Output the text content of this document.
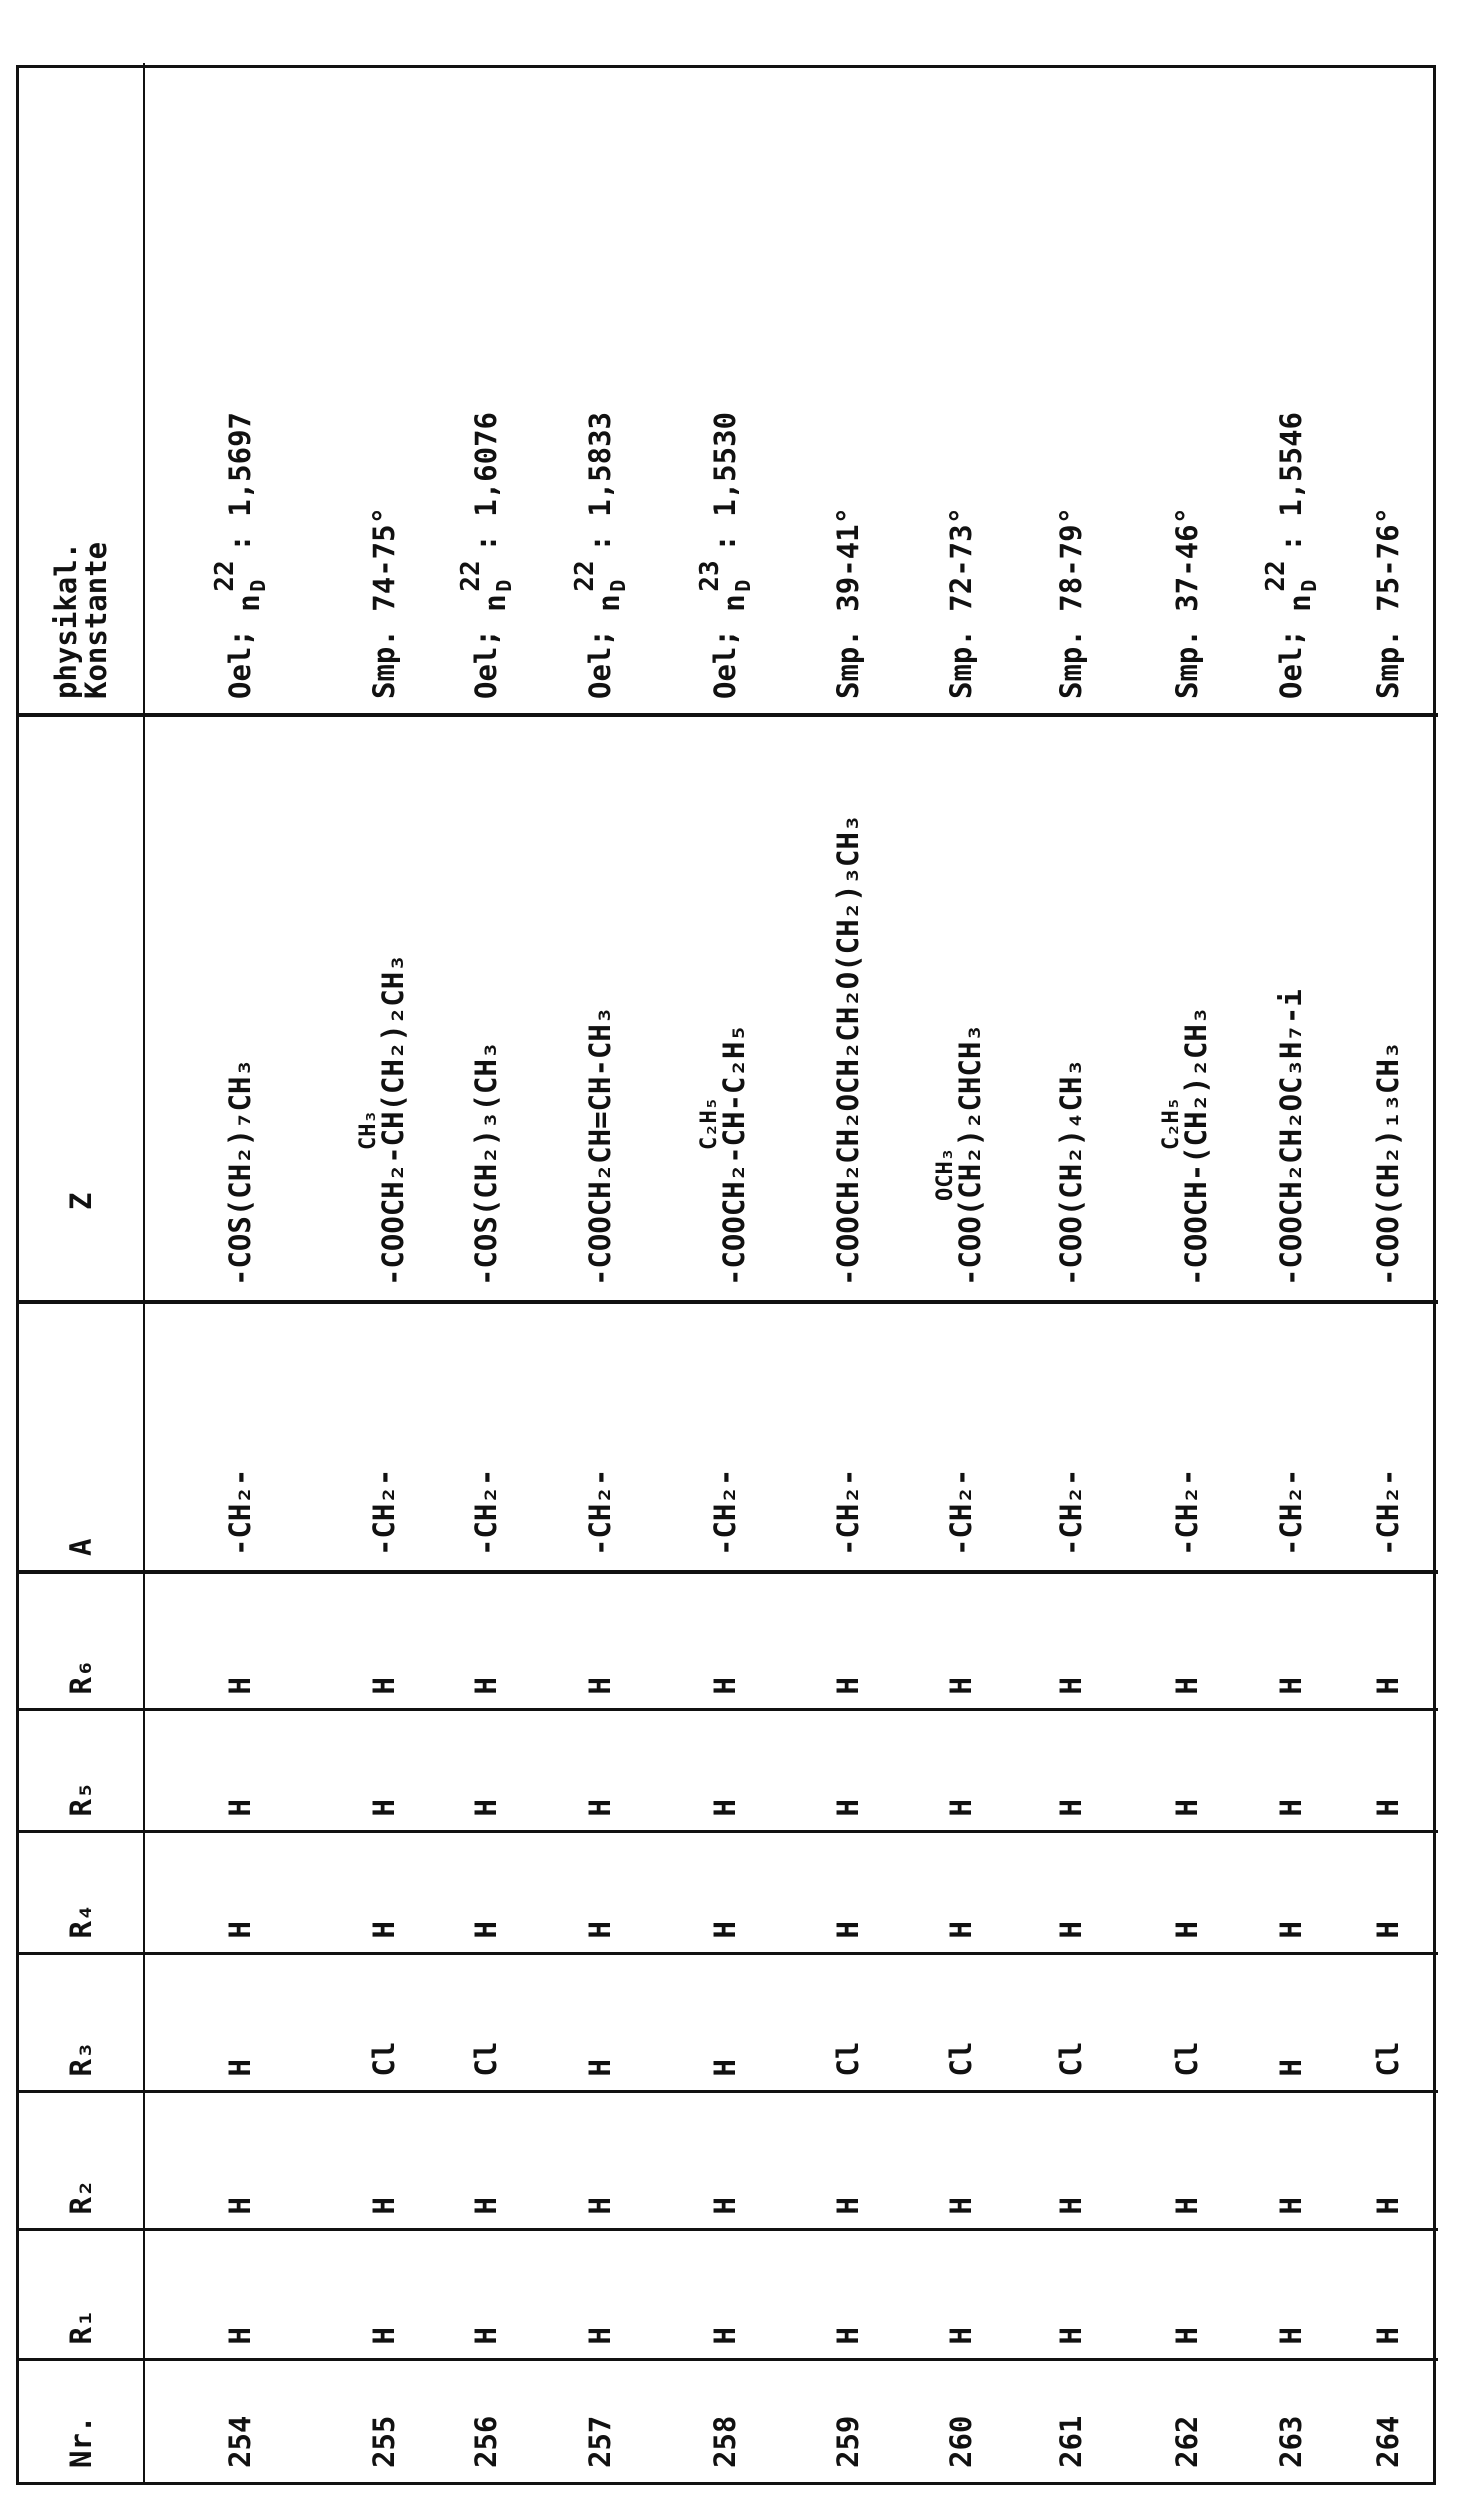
Nr.	R₁	R₂	R₃	R₄	R₅	R₆	A	Z	physikal.
Konstante
254	H	H	H	H	H	H	-CH₂-	-COS(CH₂)₇CH₃	Oel;
n
22 D
: 1,5697
255	H	H	Cl	H	H	H	-CH₂-	
CH₃
-COOCH₂-CH(CH₂)₂CH₃	Smp. 74-75°
256	H	H	Cl	H	H	H	-CH₂-	-COS(CH₂)₃(CH₃	Oel;
n
22 D
: 1,6076
257	H	H	H	H	H	H	-CH₂-	-COOCH₂CH=CH-CH₃	Oel;
n
22 D
: 1,5833
258	H	H	H	H	H	H	-CH₂-	
C₂H₅
-COOCH₂-CH-C₂H₅	Oel;
n
23 D
: 1,5530
259	H	H	Cl	H	H	H	-CH₂-	-COOCH₂CH₂OCH₂CH₂O(CH₂)₃CH₃	Smp. 39-41°
260	H	H	Cl	H	H	H	-CH₂-	
OCH₃
-COO(CH₂)₂CHCH₃	Smp. 72-73°
261	H	H	Cl	H	H	H	-CH₂-	-COO(CH₂)₄CH₃	Smp. 78-79°
262	H	H	Cl	H	H	H	-CH₂-	
C₂H₅
-COOCH-(CH₂)₂CH₃	Smp. 37-46°
263	H	H	H	H	H	H	-CH₂-	-COOCH₂CH₂OC₃H₇-i	Oel;
n
22 D
: 1,5546
264	H	H	Cl	H	H	H	-CH₂-	-COO(CH₂)₁₃CH₃	Smp. 75-76°
